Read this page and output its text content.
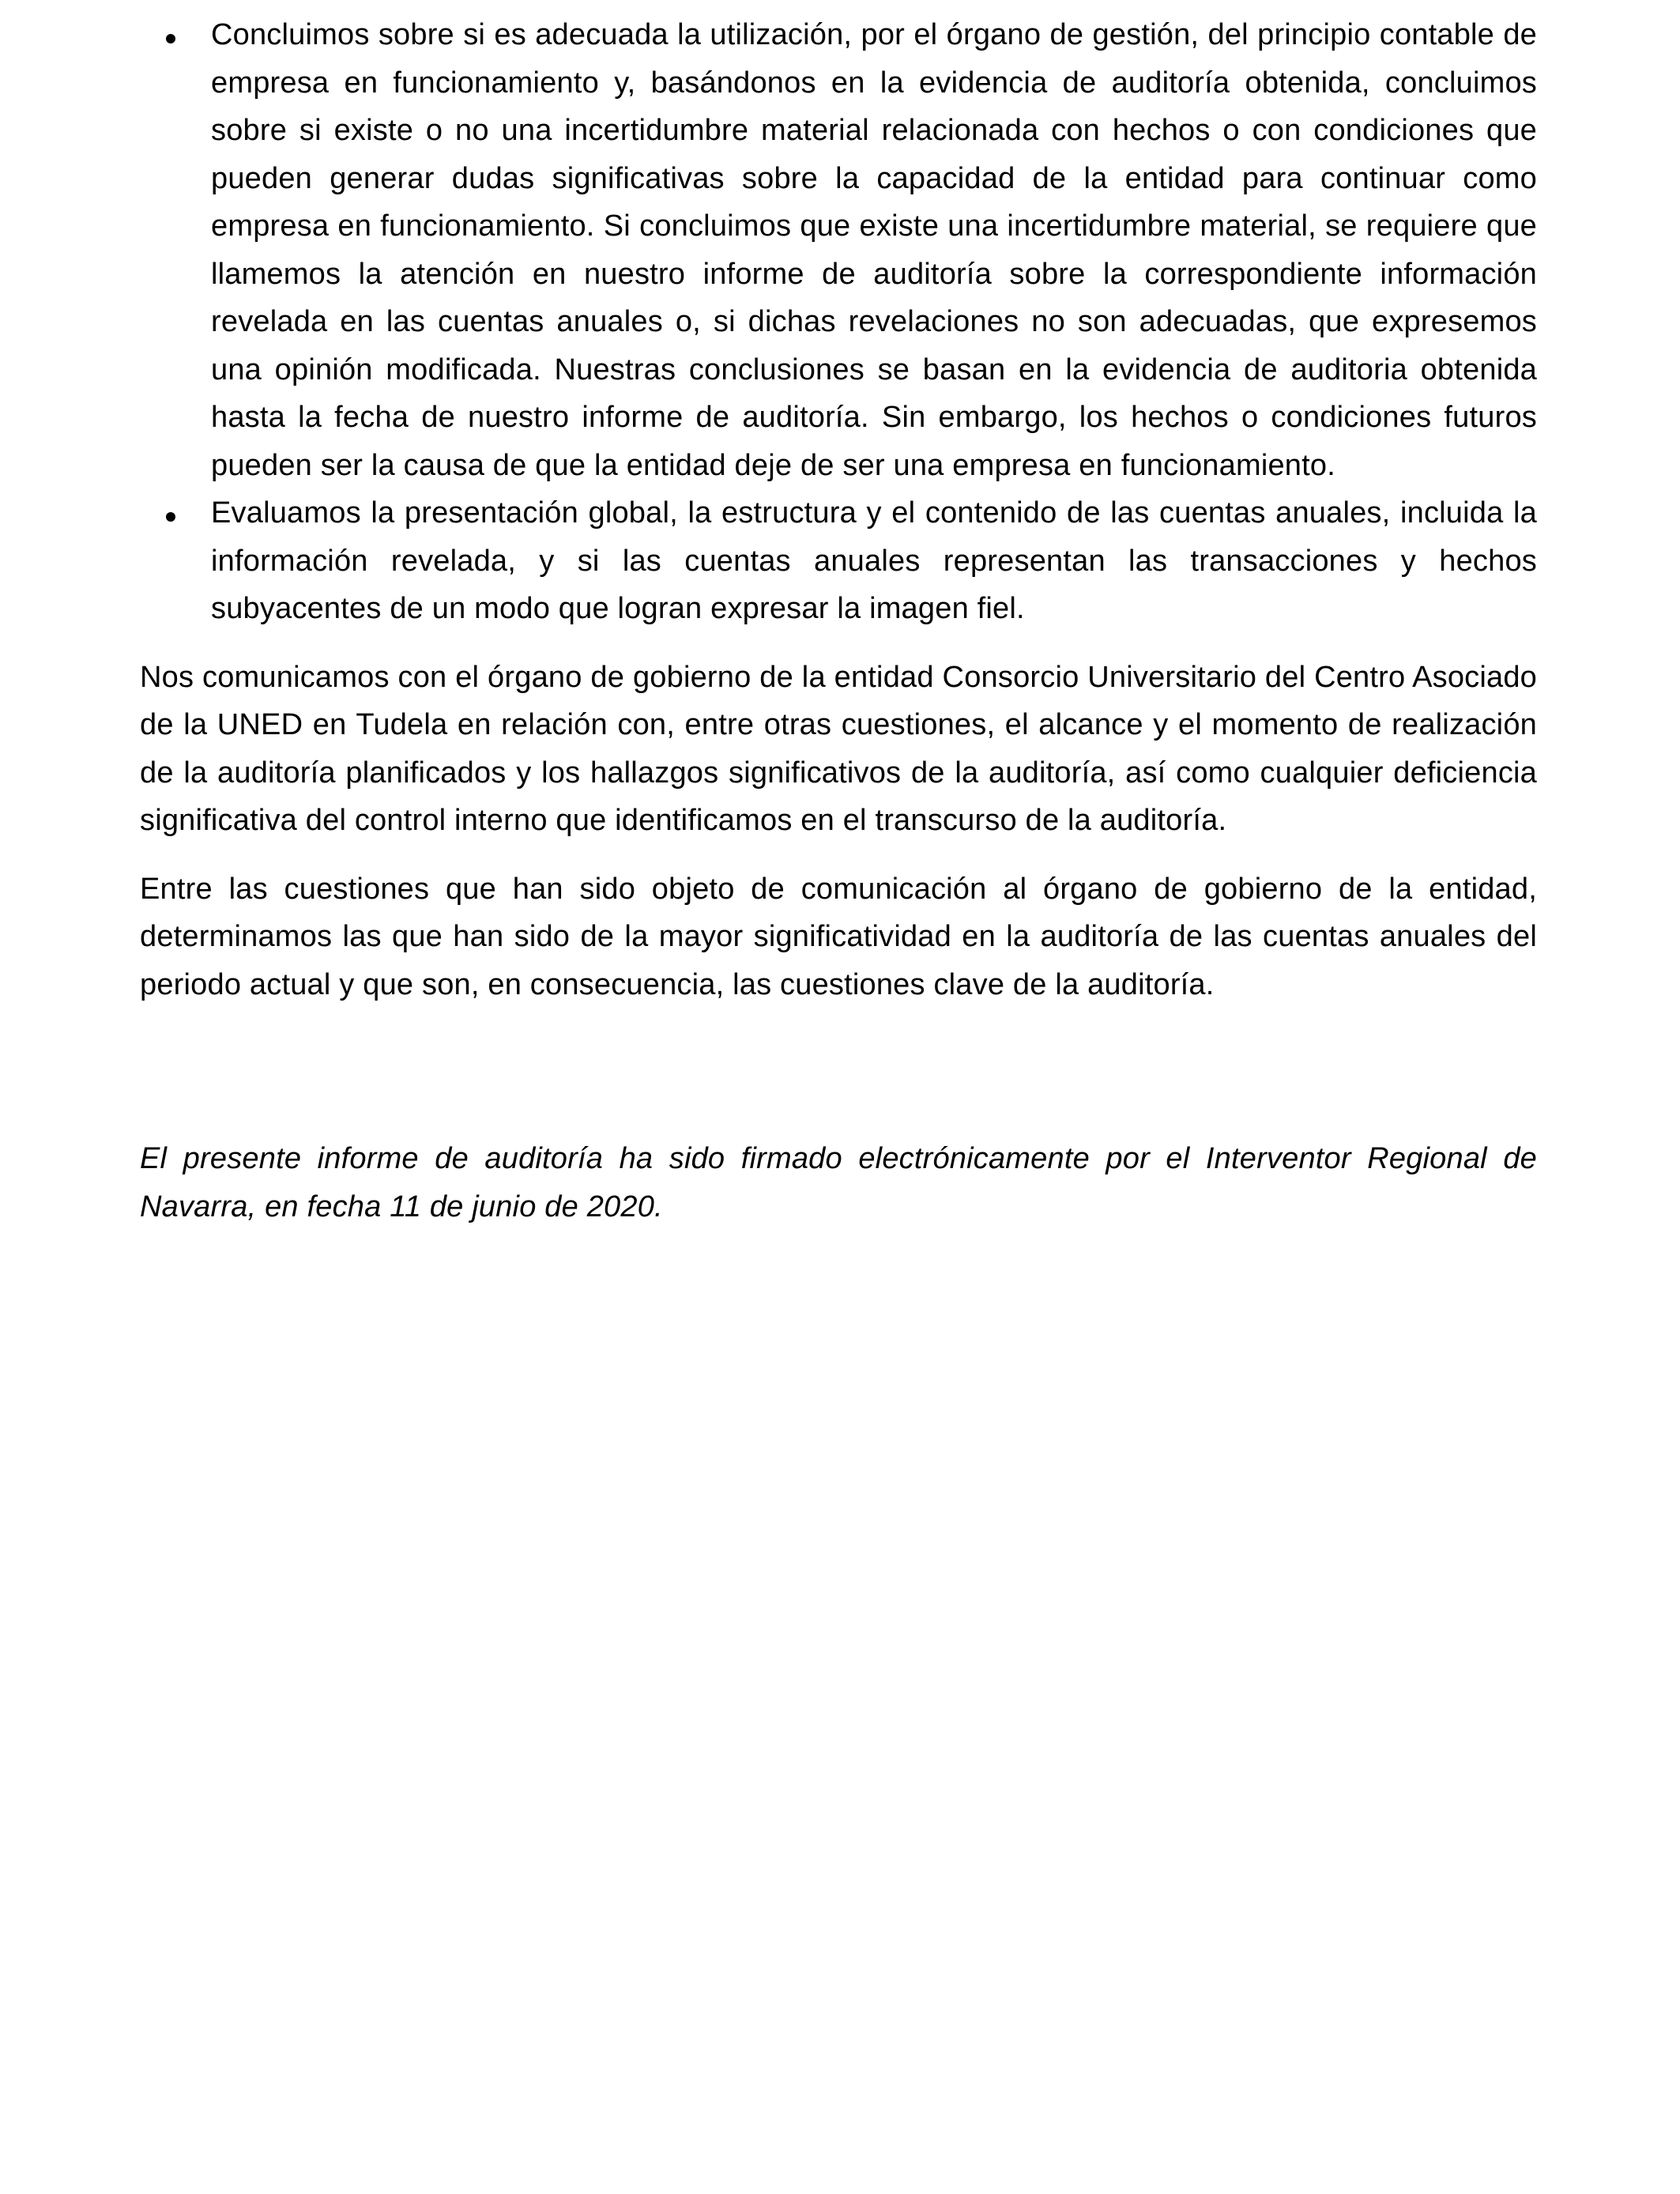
Concluimos sobre si es adecuada la utilización, por el órgano de gestión, del principio contable de empresa en funcionamiento y, basándonos en la evidencia de auditoría obtenida, concluimos sobre si existe o no una incertidumbre material relacionada con hechos o con condiciones que pueden generar dudas significativas sobre la capacidad de la entidad para continuar como empresa en funcionamiento. Si concluimos que existe una incertidumbre material, se requiere que llamemos la atención en nuestro informe de auditoría sobre la correspondiente información revelada en las cuentas anuales o, si dichas revelaciones no son adecuadas, que expresemos una opinión modificada. Nuestras conclusiones se basan en la evidencia de auditoria obtenida hasta la fecha de nuestro informe de auditoría. Sin embargo, los hechos o condiciones futuros pueden ser la causa de que la entidad deje de ser una empresa en funcionamiento.

Evaluamos la presentación global, la estructura y el contenido de las cuentas anuales, incluida la información revelada, y si las cuentas anuales representan las transacciones y hechos subyacentes de un modo que logran expresar la imagen fiel.

Nos comunicamos con el órgano de gobierno de la entidad Consorcio Universitario del Centro Asociado de la UNED en Tudela en relación con, entre otras cuestiones, el alcance y el momento de realización de la auditoría planificados y los hallazgos significativos de la auditoría, así como cualquier deficiencia significativa del control interno que identificamos en el transcurso de la auditoría.

Entre las cuestiones que han sido objeto de comunicación al órgano de gobierno de la entidad, determinamos las que han sido de la mayor significatividad en la auditoría de las cuentas anuales del periodo actual y que son, en consecuencia, las cuestiones clave de la auditoría.

El presente informe de auditoría ha sido firmado electrónicamente por el Interventor Regional de Navarra, en fecha 11 de junio de 2020.
